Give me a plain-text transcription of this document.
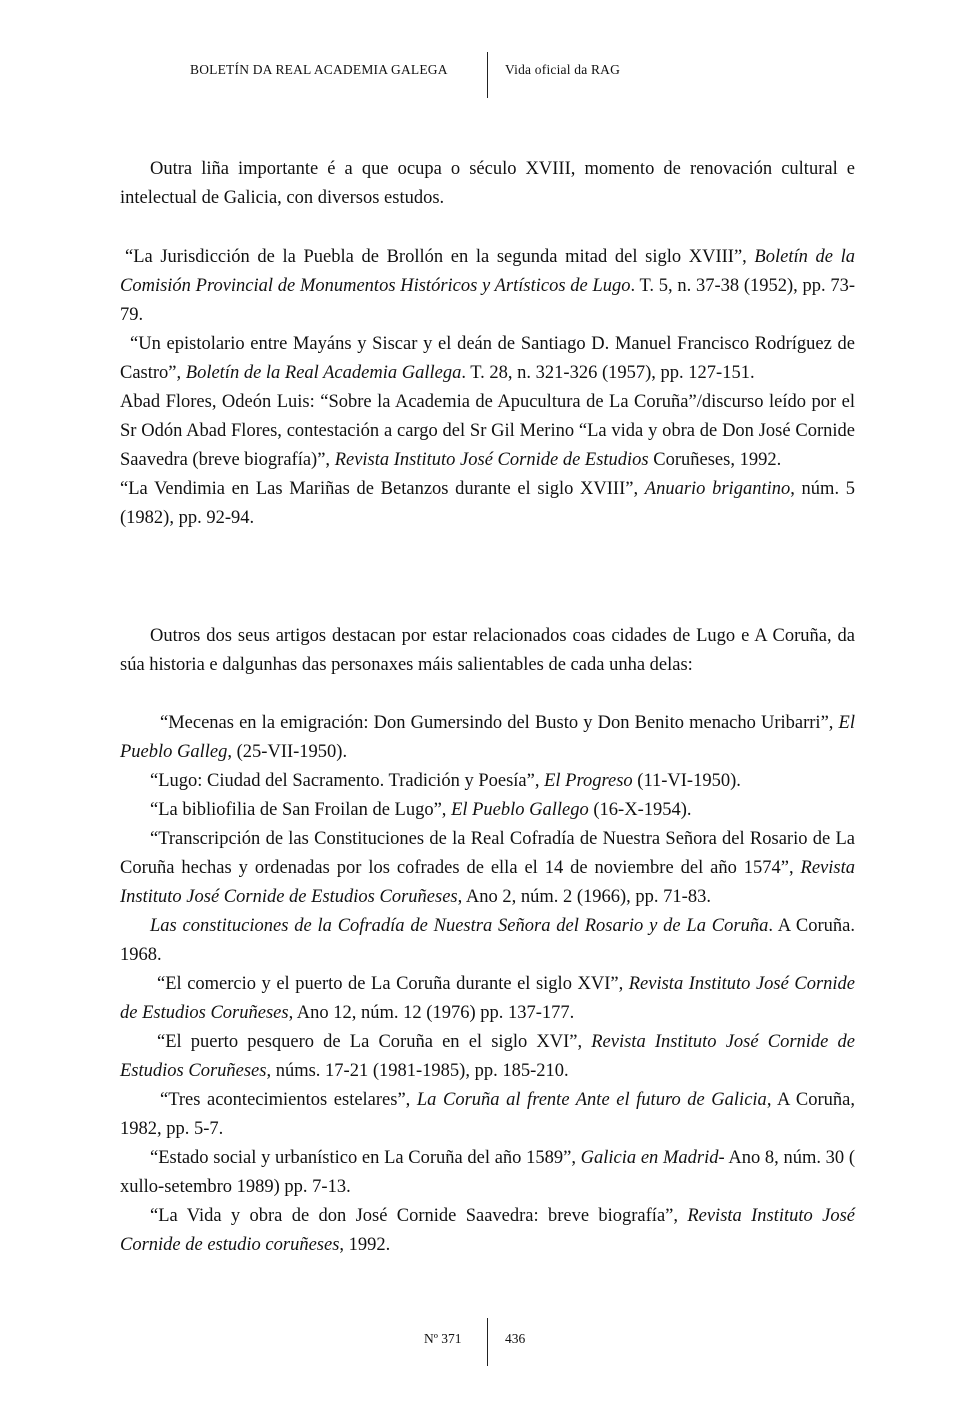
BOLETÍN DA REAL ACADEMIA GALEGA	Vida oficial da RAG

Outra liña importante é a que ocupa o século XVIII, momento de renovación cultural e intelectual de Galicia, con diversos estudos.

“La Jurisdicción de la Puebla de Brollón en la segunda mitad del siglo XVIII”, Boletín de la Comisión Provincial de Monumentos Históricos y Artísticos de Lugo. T. 5, n. 37-38 (1952), pp. 73-79.

“Un epistolario entre Mayáns y Siscar y el deán de Santiago D. Manuel Francisco Rodríguez de Castro”, Boletín de la Real Academia Gallega. T. 28, n. 321-326 (1957), pp. 127-151.

Abad Flores, Odeón Luis: “Sobre la Academia de Apucultura de La Coruña”/discurso leído por el Sr Odón Abad Flores, contestación a cargo del Sr Gil Merino “La vida y obra de Don José Cornide Saavedra (breve biografía)”, Revista Instituto José Cornide de Estudios Coruñeses, 1992.

“La Vendimia en Las Mariñas de Betanzos durante el siglo XVIII”, Anuario brigantino, núm. 5 (1982), pp. 92-94.

Outros dos seus artigos destacan por estar relacionados coas cidades de Lugo e A Coruña, da súa historia e dalgunhas das personaxes máis salientables de cada unha delas:

“Mecenas en la emigración: Don Gumersindo del Busto y Don Benito menacho Uribarri”, El Pueblo Galleg, (25-VII-1950).

“Lugo: Ciudad del Sacramento. Tradición y Poesía”, El Progreso (11-VI-1950).

“La bibliofilia de San Froilan de Lugo”, El Pueblo Gallego (16-X-1954).

“Transcripción de las Constituciones de la Real Cofradía de Nuestra Señora del Rosario de La Coruña hechas y ordenadas por los cofrades de ella el 14 de noviembre del año 1574”, Revista Instituto José Cornide de Estudios Coruñeses, Ano 2, núm. 2 (1966), pp. 71-83.

Las constituciones de la Cofradía de Nuestra Señora del Rosario y de La Coruña. A Coruña. 1968.

“El comercio y el puerto de La Coruña durante el siglo XVI”, Revista Instituto José Cornide de Estudios Coruñeses, Ano 12, núm. 12 (1976) pp. 137-177.

“El puerto pesquero de La Coruña en el siglo XVI”, Revista Instituto José Cornide de Estudios Coruñeses, núms. 17-21 (1981-1985), pp. 185-210.

“Tres acontecimientos estelares”, La Coruña al frente Ante el futuro de Galicia, A Coruña, 1982, pp. 5-7.

“Estado social y urbanístico en La Coruña del año 1589”, Galicia en Madrid- Ano 8, núm. 30 ( xullo-setembro 1989) pp. 7-13.

“La Vida y obra de don José Cornide Saavedra: breve biografía”, Revista Instituto José Cornide de estudio coruñeses, 1992.

Nº 371	436
